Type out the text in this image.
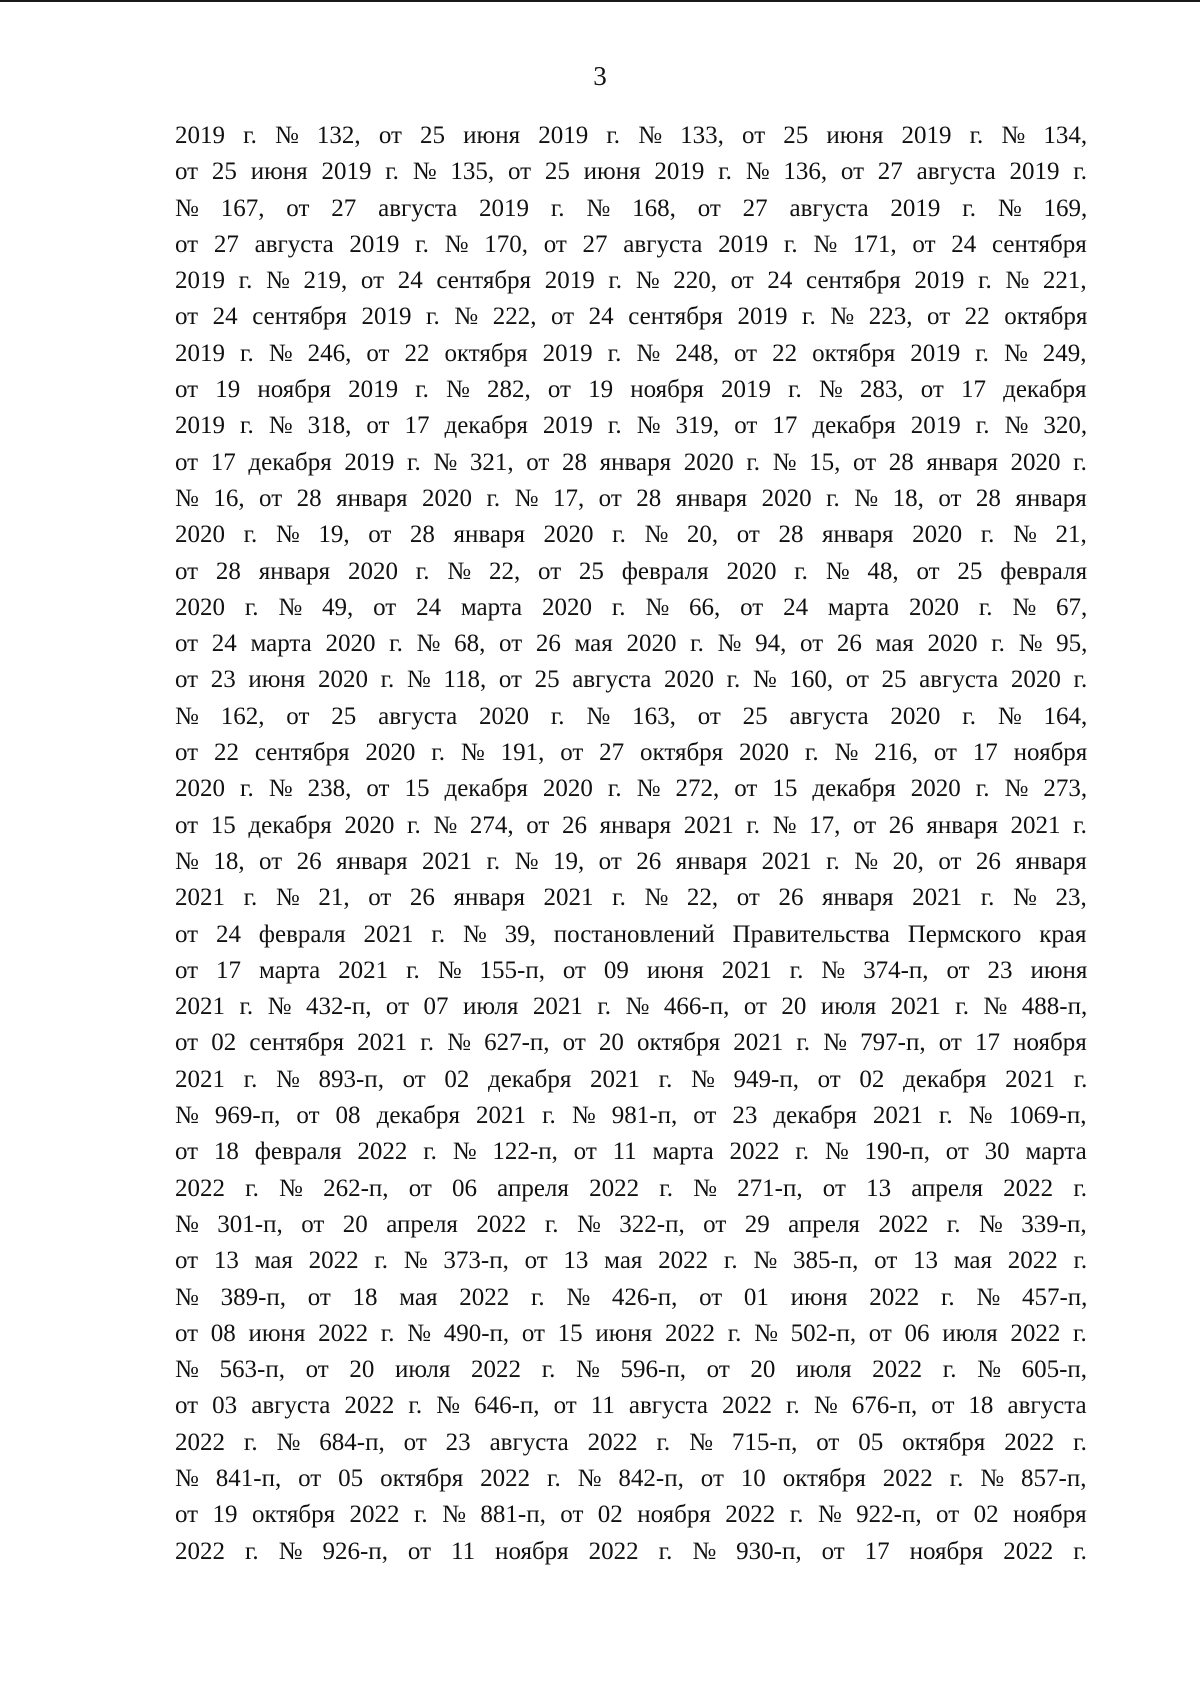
3
2019 г. № 132, от 25 июня 2019 г. № 133, от 25 июня 2019 г. № 134,
от 25 июня 2019 г. № 135, от 25 июня 2019 г. № 136, от 27 августа 2019 г.
№ 167, от 27 августа 2019 г. № 168, от 27 августа 2019 г. № 169,
от 27 августа 2019 г. № 170, от 27 августа 2019 г. № 171, от 24 сентября
2019 г. № 219, от 24 сентября 2019 г. № 220, от 24 сентября 2019 г. № 221,
от 24 сентября 2019 г. № 222, от 24 сентября 2019 г. № 223, от 22 октября
2019 г. № 246, от 22 октября 2019 г. № 248, от 22 октября 2019 г. № 249,
от 19 ноября 2019 г. № 282, от 19 ноября 2019 г. № 283, от 17 декабря
2019 г. № 318, от 17 декабря 2019 г. № 319, от 17 декабря 2019 г. № 320,
от 17 декабря 2019 г. № 321, от 28 января 2020 г. № 15, от 28 января 2020 г.
№ 16, от 28 января 2020 г. № 17, от 28 января 2020 г. № 18, от 28 января
2020 г. № 19, от 28 января 2020 г. № 20, от 28 января 2020 г. № 21,
от 28 января 2020 г. № 22, от 25 февраля 2020 г. № 48, от 25 февраля
2020 г. № 49, от 24 марта 2020 г. № 66, от 24 марта 2020 г. № 67,
от 24 марта 2020 г. № 68, от 26 мая 2020 г. № 94, от 26 мая 2020 г. № 95,
от 23 июня 2020 г. № 118, от 25 августа 2020 г. № 160, от 25 августа 2020 г.
№ 162, от 25 августа 2020 г. № 163, от 25 августа 2020 г. № 164,
от 22 сентября 2020 г. № 191, от 27 октября 2020 г. № 216, от 17 ноября
2020 г. № 238, от 15 декабря 2020 г. № 272, от 15 декабря 2020 г. № 273,
от 15 декабря 2020 г. № 274, от 26 января 2021 г. № 17, от 26 января 2021 г.
№ 18, от 26 января 2021 г. № 19, от 26 января 2021 г. № 20, от 26 января
2021 г. № 21, от 26 января 2021 г. № 22, от 26 января 2021 г. № 23,
от 24 февраля 2021 г. № 39, постановлений Правительства Пермского края
от 17 марта 2021 г. № 155-п, от 09 июня 2021 г. № 374-п, от 23 июня
2021 г. № 432-п, от 07 июля 2021 г. № 466-п, от 20 июля 2021 г. № 488-п,
от 02 сентября 2021 г. № 627-п, от 20 октября 2021 г. № 797-п, от 17 ноября
2021 г. № 893-п, от 02 декабря 2021 г. № 949-п, от 02 декабря 2021 г.
№ 969-п, от 08 декабря 2021 г. № 981-п, от 23 декабря 2021 г. № 1069-п,
от 18 февраля 2022 г. № 122-п, от 11 марта 2022 г. № 190-п, от 30 марта
2022 г. № 262-п, от 06 апреля 2022 г. № 271-п, от 13 апреля 2022 г.
№ 301-п, от 20 апреля 2022 г. № 322-п, от 29 апреля 2022 г. № 339-п,
от 13 мая 2022 г. № 373-п, от 13 мая 2022 г. № 385-п, от 13 мая 2022 г.
№ 389-п, от 18 мая 2022 г. № 426-п, от 01 июня 2022 г. № 457-п,
от 08 июня 2022 г. № 490-п, от 15 июня 2022 г. № 502-п, от 06 июля 2022 г.
№ 563-п, от 20 июля 2022 г. № 596-п, от 20 июля 2022 г. № 605-п,
от 03 августа 2022 г. № 646-п, от 11 августа 2022 г. № 676-п, от 18 августа
2022 г. № 684-п, от 23 августа 2022 г. № 715-п, от 05 октября 2022 г.
№ 841-п, от 05 октября 2022 г. № 842-п, от 10 октября 2022 г. № 857-п,
от 19 октября 2022 г. № 881-п, от 02 ноября 2022 г. № 922-п, от 02 ноября
2022 г. № 926-п, от 11 ноября 2022 г. № 930-п, от 17 ноября 2022 г.
